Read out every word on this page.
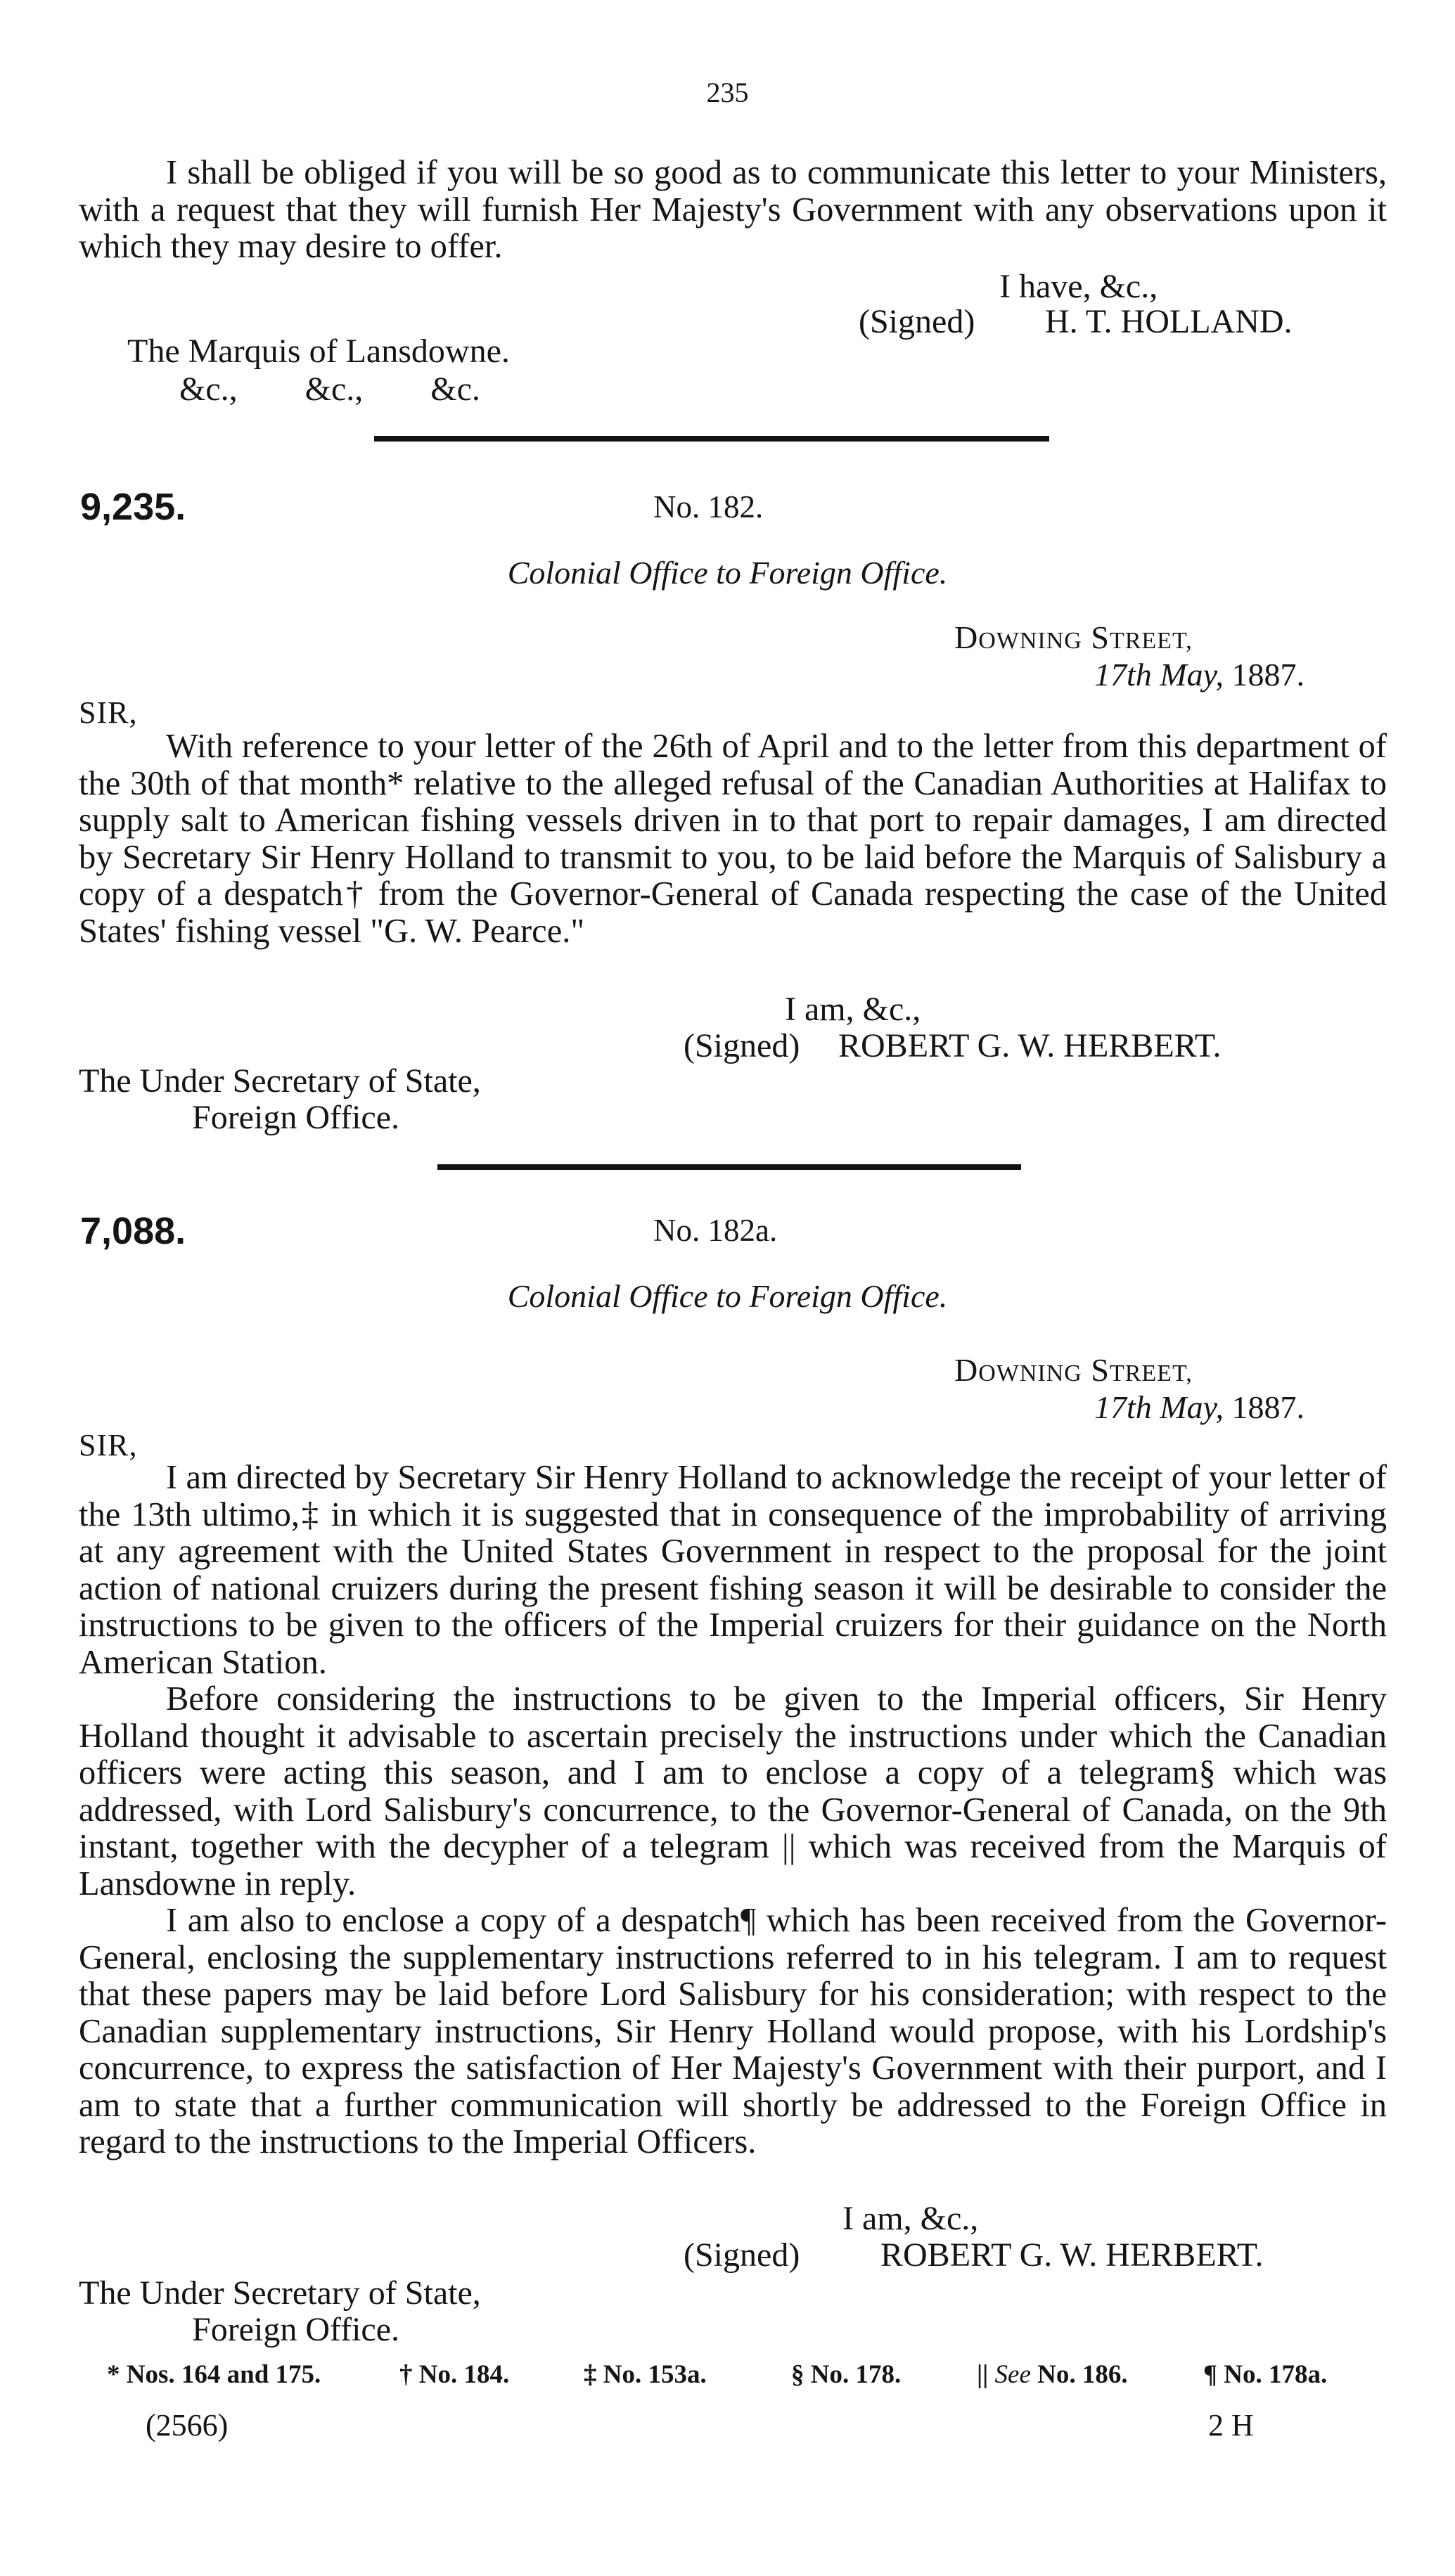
235

I shall be obliged if you will be so good as to communicate this letter to your Ministers, with a request that they will furnish Her Majesty's Government with any observations upon it which they may desire to offer.

I have, &c.,
(Signed) H. T. HOLLAND.
The Marquis of Lansdowne.
&c.,        &c.,        &c.
9,235.	No. 182.
Colonial Office to Foreign Office.
DOWNING STREET,
17th May, 1887.
SIR,

With reference to your letter of the 26th of April and to the letter from this department of the 30th of that month* relative to the alleged refusal of the Canadian Authorities at Halifax to supply salt to American fishing vessels driven in to that port to repair damages, I am directed by Secretary Sir Henry Holland to transmit to you, to be laid before the Marquis of Salisbury a copy of a despatch† from the Governor-General of Canada respecting the case of the United States' fishing vessel "G. W. Pearce."

I am, &c.,
(Signed) ROBERT G. W. HERBERT.
The Under Secretary of State,
Foreign Office.
7,088.	No. 182a.
Colonial Office to Foreign Office.
DOWNING STREET,
17th May, 1887.
SIR,

I am directed by Secretary Sir Henry Holland to acknowledge the receipt of your letter of the 13th ultimo,‡ in which it is suggested that in consequence of the improbability of arriving at any agreement with the United States Government in respect to the proposal for the joint action of national cruizers during the present fishing season it will be desirable to consider the instructions to be given to the officers of the Imperial cruizers for their guidance on the North American Station.

Before considering the instructions to be given to the Imperial officers, Sir Henry Holland thought it advisable to ascertain precisely the instructions under which the Canadian officers were acting this season, and I am to enclose a copy of a telegram§ which was addressed, with Lord Salisbury's concurrence, to the Governor-General of Canada, on the 9th instant, together with the decypher of a telegram || which was received from the Marquis of Lansdowne in reply.

I am also to enclose a copy of a despatch¶ which has been received from the Governor-General, enclosing the supplementary instructions referred to in his telegram. I am to request that these papers may be laid before Lord Salisbury for his consideration; with respect to the Canadian supplementary instructions, Sir Henry Holland would propose, with his Lordship's concurrence, to express the satisfaction of Her Majesty's Government with their purport, and I am to state that a further communication will shortly be addressed to the Foreign Office in regard to the instructions to the Imperial Officers.

I am, &c.,
(Signed) ROBERT G. W. HERBERT.
The Under Secretary of State,
Foreign Office.
* Nos. 164 and 175.	† No. 184.	‡ No. 153a.	§ No. 178.	|| See No. 186.	¶ No. 178a.
(2566)	2 H
